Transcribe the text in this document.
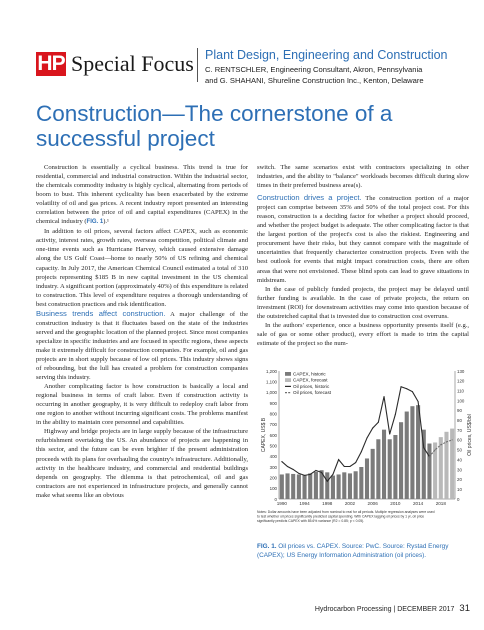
HP Special Focus Plant Design, Engineering and Construction
C. RENTSCHLER, Engineering Consultant, Akron, Pennsylvania
and G. SHAHANI, Shureline Construction Inc., Kenton, Delaware
Construction—The cornerstone of a successful project

Construction is essentially a cyclical business. This trend is true for residential, commercial and industrial construction. Within the industrial sector, the chemicals commodity industry is highly cyclical, alternating from periods of boom to bust. This inherent cyclicality has been exacerbated by the extreme volatility of oil and gas prices. A recent industry report presented an interesting correlation between the price of oil and capital expenditures (CAPEX) in the chemical industry (FIG. 1).¹

In addition to oil prices, several factors affect CAPEX, such as economic activity, interest rates, growth rates, overseas competition, political climate and one-time events such as Hurricane Harvey, which caused extensive damage along the US Gulf Coast—home to nearly 50% of US refining and chemical capacity. In July 2017, the American Chemical Council estimated a total of 310 projects representing $185 B in new capital investment in the US chemical industry. A significant portion (approximately 40%) of this expenditure is related to construction. This level of expenditure requires a thorough understanding of best construction practices and risk identification.

Business trends affect construction. A major challenge of the construction industry is that it fluctuates based on the state of the industries served and the geographic location of the planned project. Since most companies specialize in specific industries and are focused in specific regions, these aspects make it extremely difficult for construction companies. For example, oil and gas projects are in short supply because of low oil prices. This industry shows signs of rebounding, but the lull has created a problem for construction companies serving this industry.

Another complicating factor is how construction is basically a local and regional business in terms of craft labor. Even if construction activity is occurring in another geography, it is very difficult to redeploy craft labor from one region to another without incurring significant costs. The problems manifest in the ability to maintain core personnel and capabilities.

Highway and bridge projects are in large supply because of the infrastructure refurbishment overtaking the US. An abundance of projects are happening in this sector, and the future can be even brighter if the present administration proceeds with its plans for overhauling the country's infrastructure. Additionally, activity in the healthcare industry, and commercial and residential buildings depends on geography. The dilemma is that petrochemical, oil and gas contractors are not experienced in infrastructure projects, and generally cannot make what seems like an obvious

switch. The same scenarios exist with contractors specializing in other industries, and the ability to "balance" workloads becomes difficult during slow times in their preferred business area(s).

Construction drives a project. The construction portion of a major project can comprise between 35% and 50% of the total project cost. For this reason, construction is a deciding factor for whether a project should proceed, and whether the project budget is adequate. The other complicating factor is that the largest portion of the project's cost is also the riskiest. Engineering and procurement have their risks, but they cannot compare with the magnitude of uncertainties that frequently characterize construction projects. Even with the best outlook for events that might impact construction costs, there are often areas that were not envisioned. These blind spots can lead to grave situations in midstream.

In the case of publicly funded projects, the project may be delayed until further funding is available. In the case of private projects, the return on investment (ROI) for downstream activities may come into question because of the outstretched capital that is invested due to construction cost overruns.

In the authors' experience, once a business opportunity presents itself (e.g., sale of gas or some other product), every effort is made to trim the capital estimate of the project so the num-

0
100
200
300
400
500
600
700
800
900
1,000
1,100
1,200
0
10
20
30
40
50
60
70
80
90
100
110
120
130
CAPEX, US$ B	Oil prices, US$/bbl
1990	1994	1998	2002	2006	2010	2014	2018
CAPEX, historic
CAPEX, forecast
Oil prices, historic
Oil prices, forecast
Notes: Dollar amounts have been adjusted from nominal to real for all periods. Multiple regression analyses were used to test whether oil prices significantly predicted capital spending. With CAPEX lagging oil prices by 1 yr, oil price significantly predicts CAPEX with 85.6% variance (R2 = 0.85; p < 0.05).
FIG. 1. Oil prices vs. CAPEX. Source: PwC. Source: Rystad Energy (CAPEX); US Energy Information Administration (oil prices).
Hydrocarbon Processing | DECEMBER 2017 31
